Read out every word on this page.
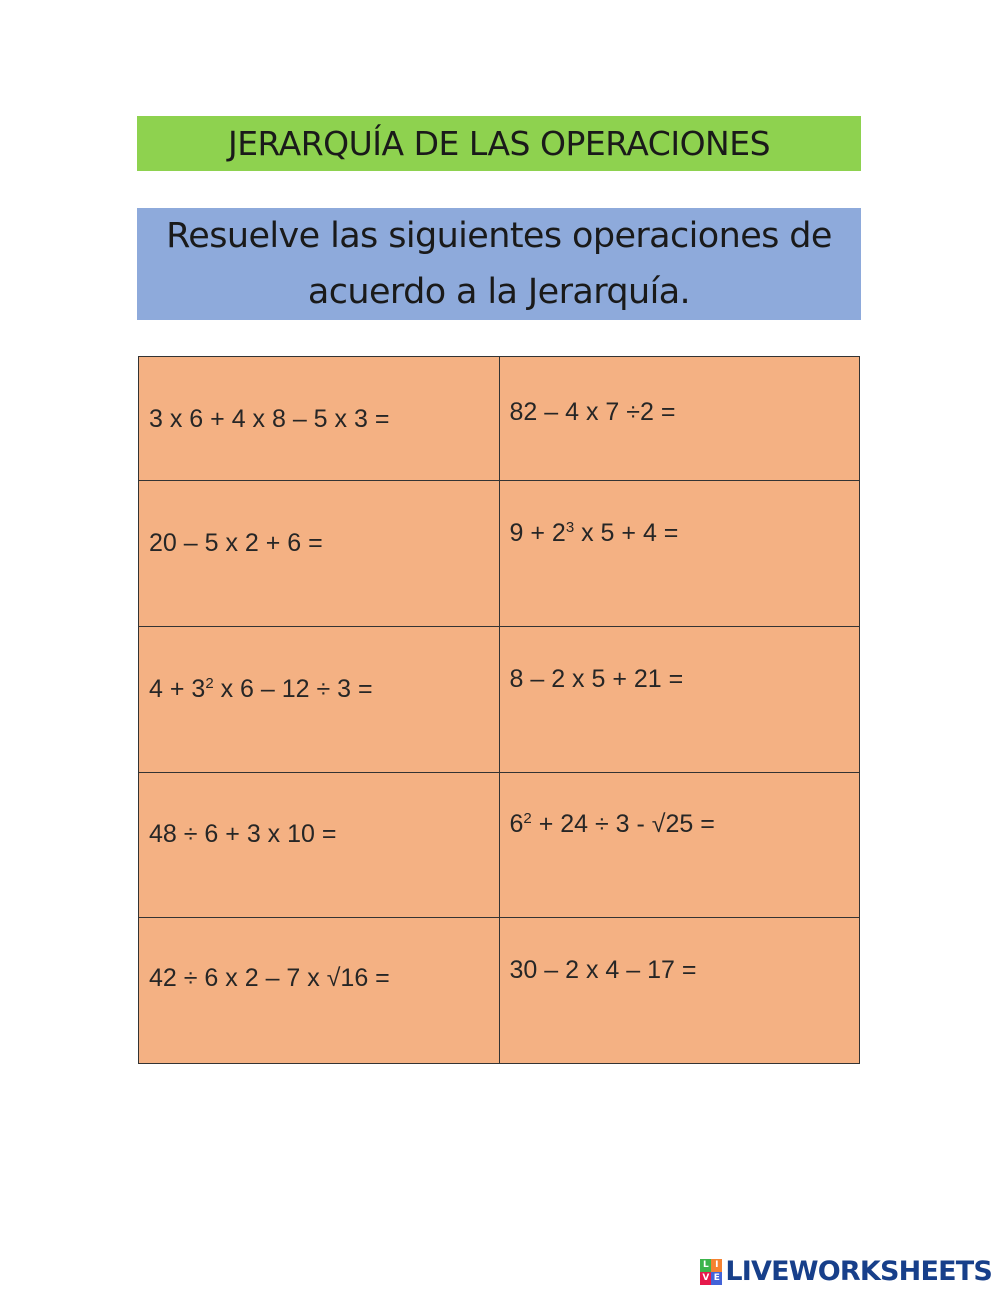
JERARQUÍA DE LAS OPERACIONES
Resuelve las siguientes operaciones de acuerdo a la Jerarquía.
3 x 6 + 4 x 8 – 5 x 3 =	82 – 4 x 7 ÷2 =

20 – 5 x 2 + 6 =	$9 + 2^3$ x 5 + 4 =

$4 + 3^2$ x 6 – 12 ÷ 3 =	8 – 2 x 5 + 21 =

48 ÷ 6 + 3 x 10 =	$6^2 + 24 \div 3 - √25$ =

42 ÷ 6 x 2 – 7 x √16 =	30 – 2 x 4 – 17 =
L I
V E LIVEWORKSHEETS
